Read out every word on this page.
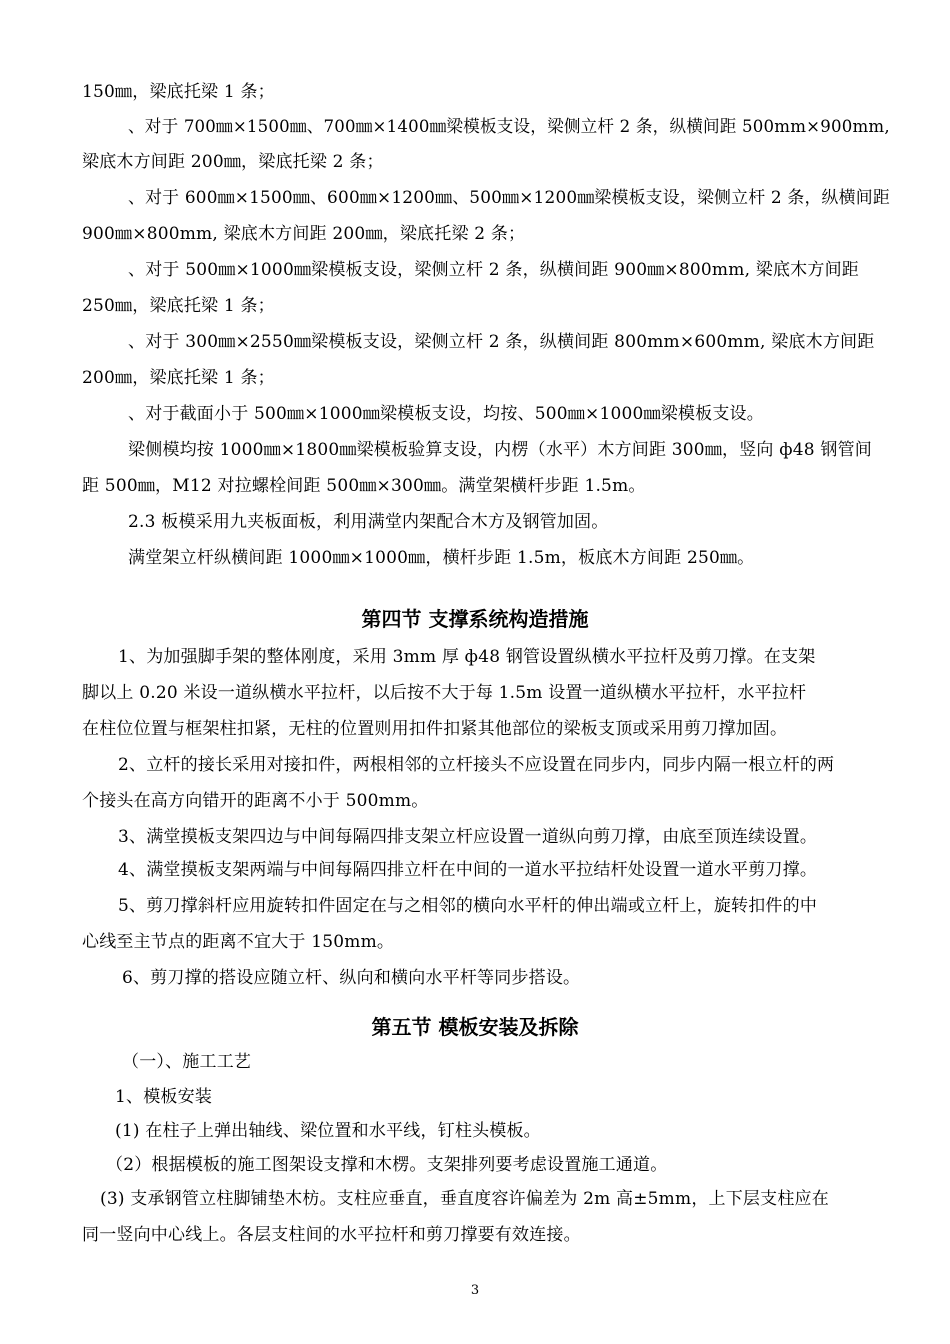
150㎜，梁底托梁 1 条；
、对于 700㎜×1500㎜、700㎜×1400㎜梁模板支设，梁侧立杆 2 条，纵横间距 500mm×900mm,
梁底木方间距 200㎜，梁底托梁 2 条；
、对于 600㎜×1500㎜、600㎜×1200㎜、500㎜×1200㎜梁模板支设，梁侧立杆 2 条，纵横间距
900㎜×800mm, 梁底木方间距 200㎜，梁底托梁 2 条；
、对于 500㎜×1000㎜梁模板支设，梁侧立杆 2 条，纵横间距 900㎜×800mm, 梁底木方间距
250㎜，梁底托梁 1 条；
、对于 300㎜×2550㎜梁模板支设，梁侧立杆 2 条，纵横间距 800mm×600mm, 梁底木方间距
200㎜，梁底托梁 1 条；
、对于截面小于 500㎜×1000㎜梁模板支设，均按、500㎜×1000㎜梁模板支设。
梁侧模均按 1000㎜×1800㎜梁模板验算支设，内楞（水平）木方间距 300㎜，竖向 ф48 钢管间
距 500㎜，M12 对拉螺栓间距 500㎜×300㎜。满堂架横杆步距 1.5m。
2.3 板模采用九夹板面板，利用满堂内架配合木方及钢管加固。
满堂架立杆纵横间距 1000㎜×1000㎜，横杆步距 1.5m，板底木方间距 250㎜。
第四节 支撑系统构造措施
1、为加强脚手架的整体刚度，采用 3mm 厚 ф48 钢管设置纵横水平拉杆及剪刀撑。在支架
脚以上 0.20 米设一道纵横水平拉杆，以后按不大于每 1.5m 设置一道纵横水平拉杆，水平拉杆
在柱位位置与框架柱扣紧，无柱的位置则用扣件扣紧其他部位的梁板支顶或采用剪刀撑加固。
2、立杆的接长采用对接扣件，两根相邻的立杆接头不应设置在同步内，同步内隔一根立杆的两
个接头在高方向错开的距离不小于 500mm。
3、满堂摸板支架四边与中间每隔四排支架立杆应设置一道纵向剪刀撑，由底至顶连续设置。
4、满堂摸板支架两端与中间每隔四排立杆在中间的一道水平拉结杆处设置一道水平剪刀撑。
5、剪刀撑斜杆应用旋转扣件固定在与之相邻的横向水平杆的伸出端或立杆上，旋转扣件的中
心线至主节点的距离不宜大于 150mm。
6、剪刀撑的搭设应随立杆、纵向和横向水平杆等同步搭设。
第五节 模板安装及拆除
（一）、施工工艺
1、模板安装
(1) 在柱子上弹出轴线、梁位置和水平线，钉柱头模板。
（2）根据模板的施工图架设支撑和木楞。支架排列要考虑设置施工通道。
(3) 支承钢管立柱脚铺垫木枋。支柱应垂直，垂直度容许偏差为 2m 高±5mm，上下层支柱应在
同一竖向中心线上。各层支柱间的水平拉杆和剪刀撑要有效连接。
3
